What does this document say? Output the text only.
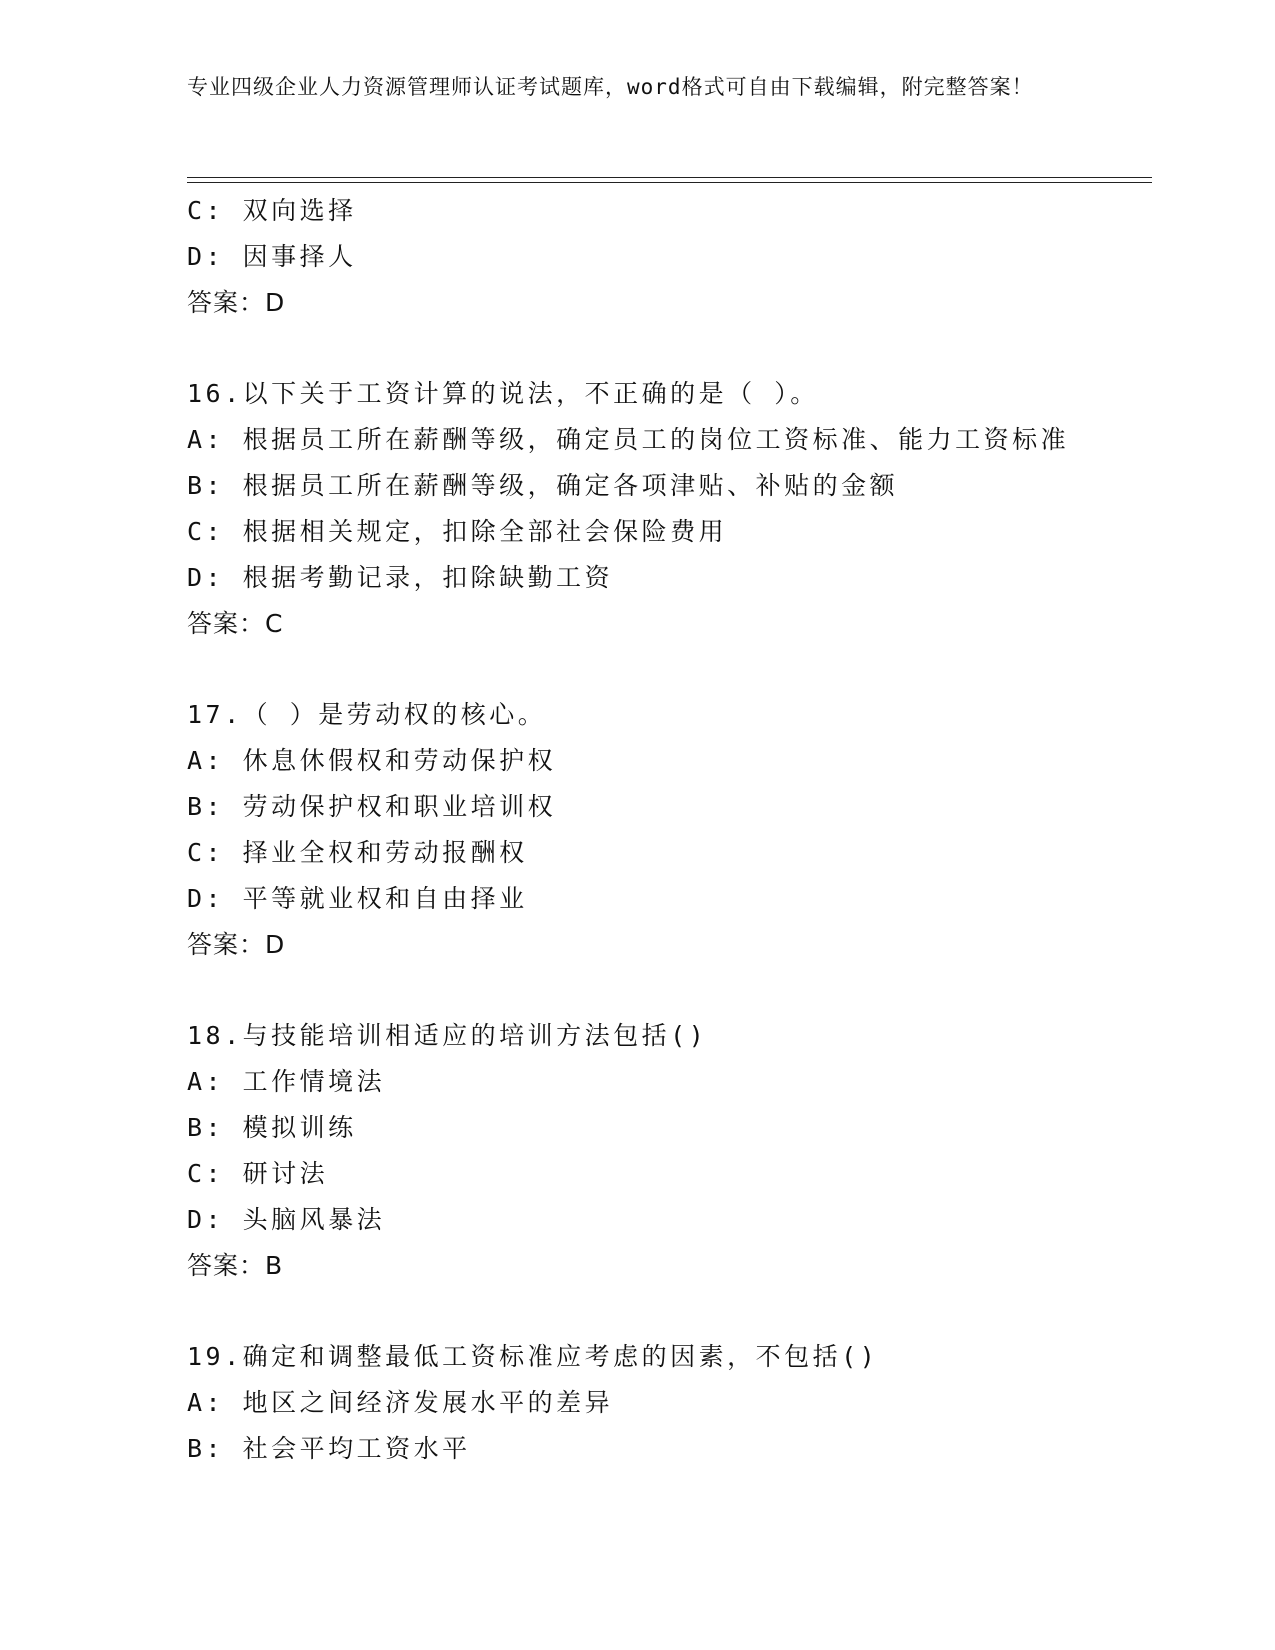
专业四级企业人力资源管理师认证考试题库，word格式可自由下载编辑，附完整答案！
C: 双向选择
D: 因事择人
答案：D
16.以下关于工资计算的说法，不正确的是（ ）。
A: 根据员工所在薪酬等级，确定员工的岗位工资标准、能力工资标准
B: 根据员工所在薪酬等级，确定各项津贴、补贴的金额
C: 根据相关规定，扣除全部社会保险费用
D: 根据考勤记录，扣除缺勤工资
答案：C
17.（ ）是劳动权的核心。
A: 休息休假权和劳动保护权
B: 劳动保护权和职业培训权
C: 择业全权和劳动报酬权
D: 平等就业权和自由择业
答案：D
18.与技能培训相适应的培训方法包括()
A: 工作情境法
B: 模拟训练
C: 研讨法
D: 头脑风暴法
答案：B
19.确定和调整最低工资标准应考虑的因素，不包括()
A: 地区之间经济发展水平的差异
B: 社会平均工资水平
